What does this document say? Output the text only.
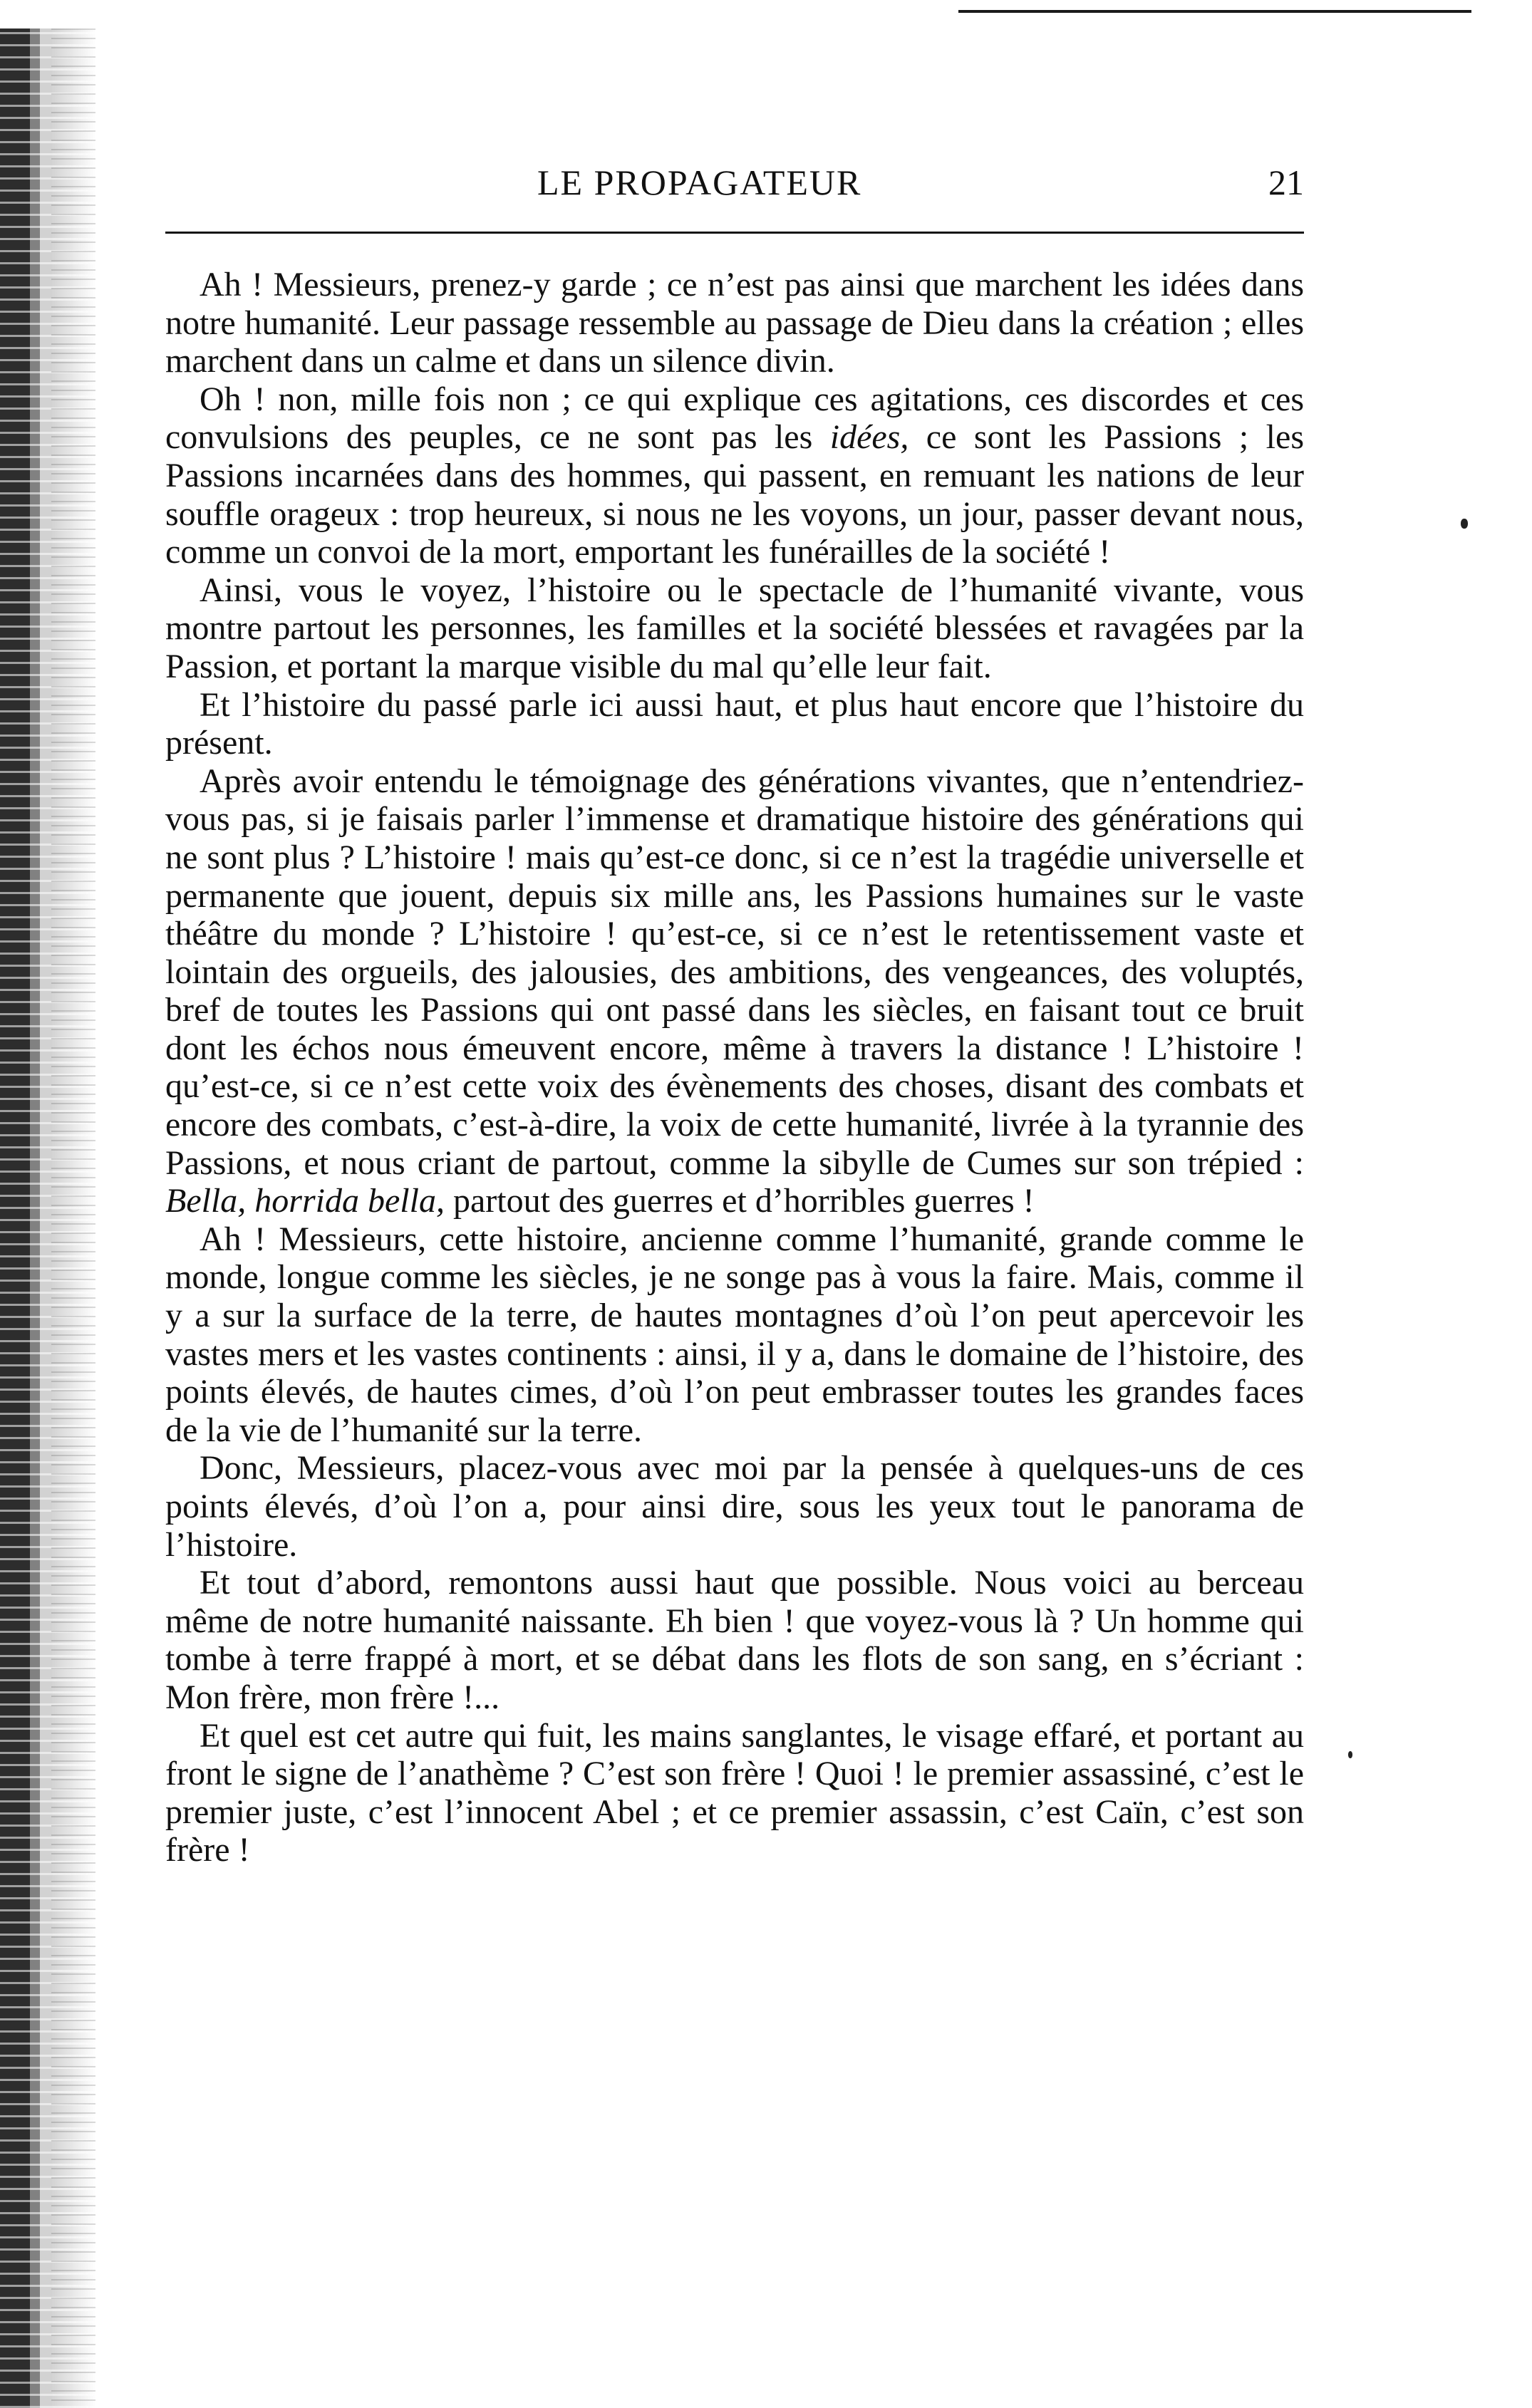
LE PROPAGATEUR	21

Ah ! Messieurs, prenez-y garde ; ce n’est pas ainsi que marchent les idées dans notre humanité. Leur passage ressemble au passage de Dieu dans la création ; elles marchent dans un calme et dans un silence divin.

Oh ! non, mille fois non ; ce qui explique ces agitations, ces discordes et ces convulsions des peuples, ce ne sont pas les idées, ce sont les Passions ; les Passions incarnées dans des hommes, qui passent, en remuant les nations de leur souffle orageux : trop heureux, si nous ne les voyons, un jour, passer devant nous, comme un convoi de la mort, emportant les funérailles de la société !

Ainsi, vous le voyez, l’histoire ou le spectacle de l’humanité vivante, vous montre partout les personnes, les familles et la société blessées et ravagées par la Passion, et portant la marque visible du mal qu’elle leur fait.

Et l’histoire du passé parle ici aussi haut, et plus haut encore que l’histoire du présent.

Après avoir entendu le témoignage des générations vivantes, que n’entendriez-vous pas, si je faisais parler l’immense et dramatique histoire des générations qui ne sont plus ? L’histoire ! mais qu’est-ce donc, si ce n’est la tragédie universelle et permanente que jouent, depuis six mille ans, les Passions humaines sur le vaste théâtre du monde ? L’histoire ! qu’est-ce, si ce n’est le retentissement vaste et lointain des orgueils, des jalousies, des ambitions, des vengeances, des voluptés, bref de toutes les Passions qui ont passé dans les siècles, en faisant tout ce bruit dont les échos nous émeuvent encore, même à travers la distance ! L’histoire ! qu’est-ce, si ce n’est cette voix des évènements des choses, disant des combats et encore des combats, c’est-à-dire, la voix de cette humanité, livrée à la tyrannie des Passions, et nous criant de partout, comme la sibylle de Cumes sur son trépied : Bella, horrida bella, partout des guerres et d’horribles guerres !

Ah ! Messieurs, cette histoire, ancienne comme l’humanité, grande comme le monde, longue comme les siècles, je ne songe pas à vous la faire. Mais, comme il y a sur la surface de la terre, de hautes montagnes d’où l’on peut apercevoir les vastes mers et les vastes continents : ainsi, il y a, dans le domaine de l’histoire, des points élevés, de hautes cimes, d’où l’on peut embrasser toutes les grandes faces de la vie de l’humanité sur la terre.

Donc, Messieurs, placez-vous avec moi par la pensée à quelques-uns de ces points élevés, d’où l’on a, pour ainsi dire, sous les yeux tout le panorama de l’histoire.

Et tout d’abord, remontons aussi haut que possible. Nous voici au berceau même de notre humanité naissante. Eh bien ! que voyez-vous là ? Un homme qui tombe à terre frappé à mort, et se débat dans les flots de son sang, en s’écriant : Mon frère, mon frère !...

Et quel est cet autre qui fuit, les mains sanglantes, le visage effaré, et portant au front le signe de l’anathème ? C’est son frère ! Quoi ! le premier assassiné, c’est le premier juste, c’est l’innocent Abel ; et ce premier assassin, c’est Caïn, c’est son frère !
